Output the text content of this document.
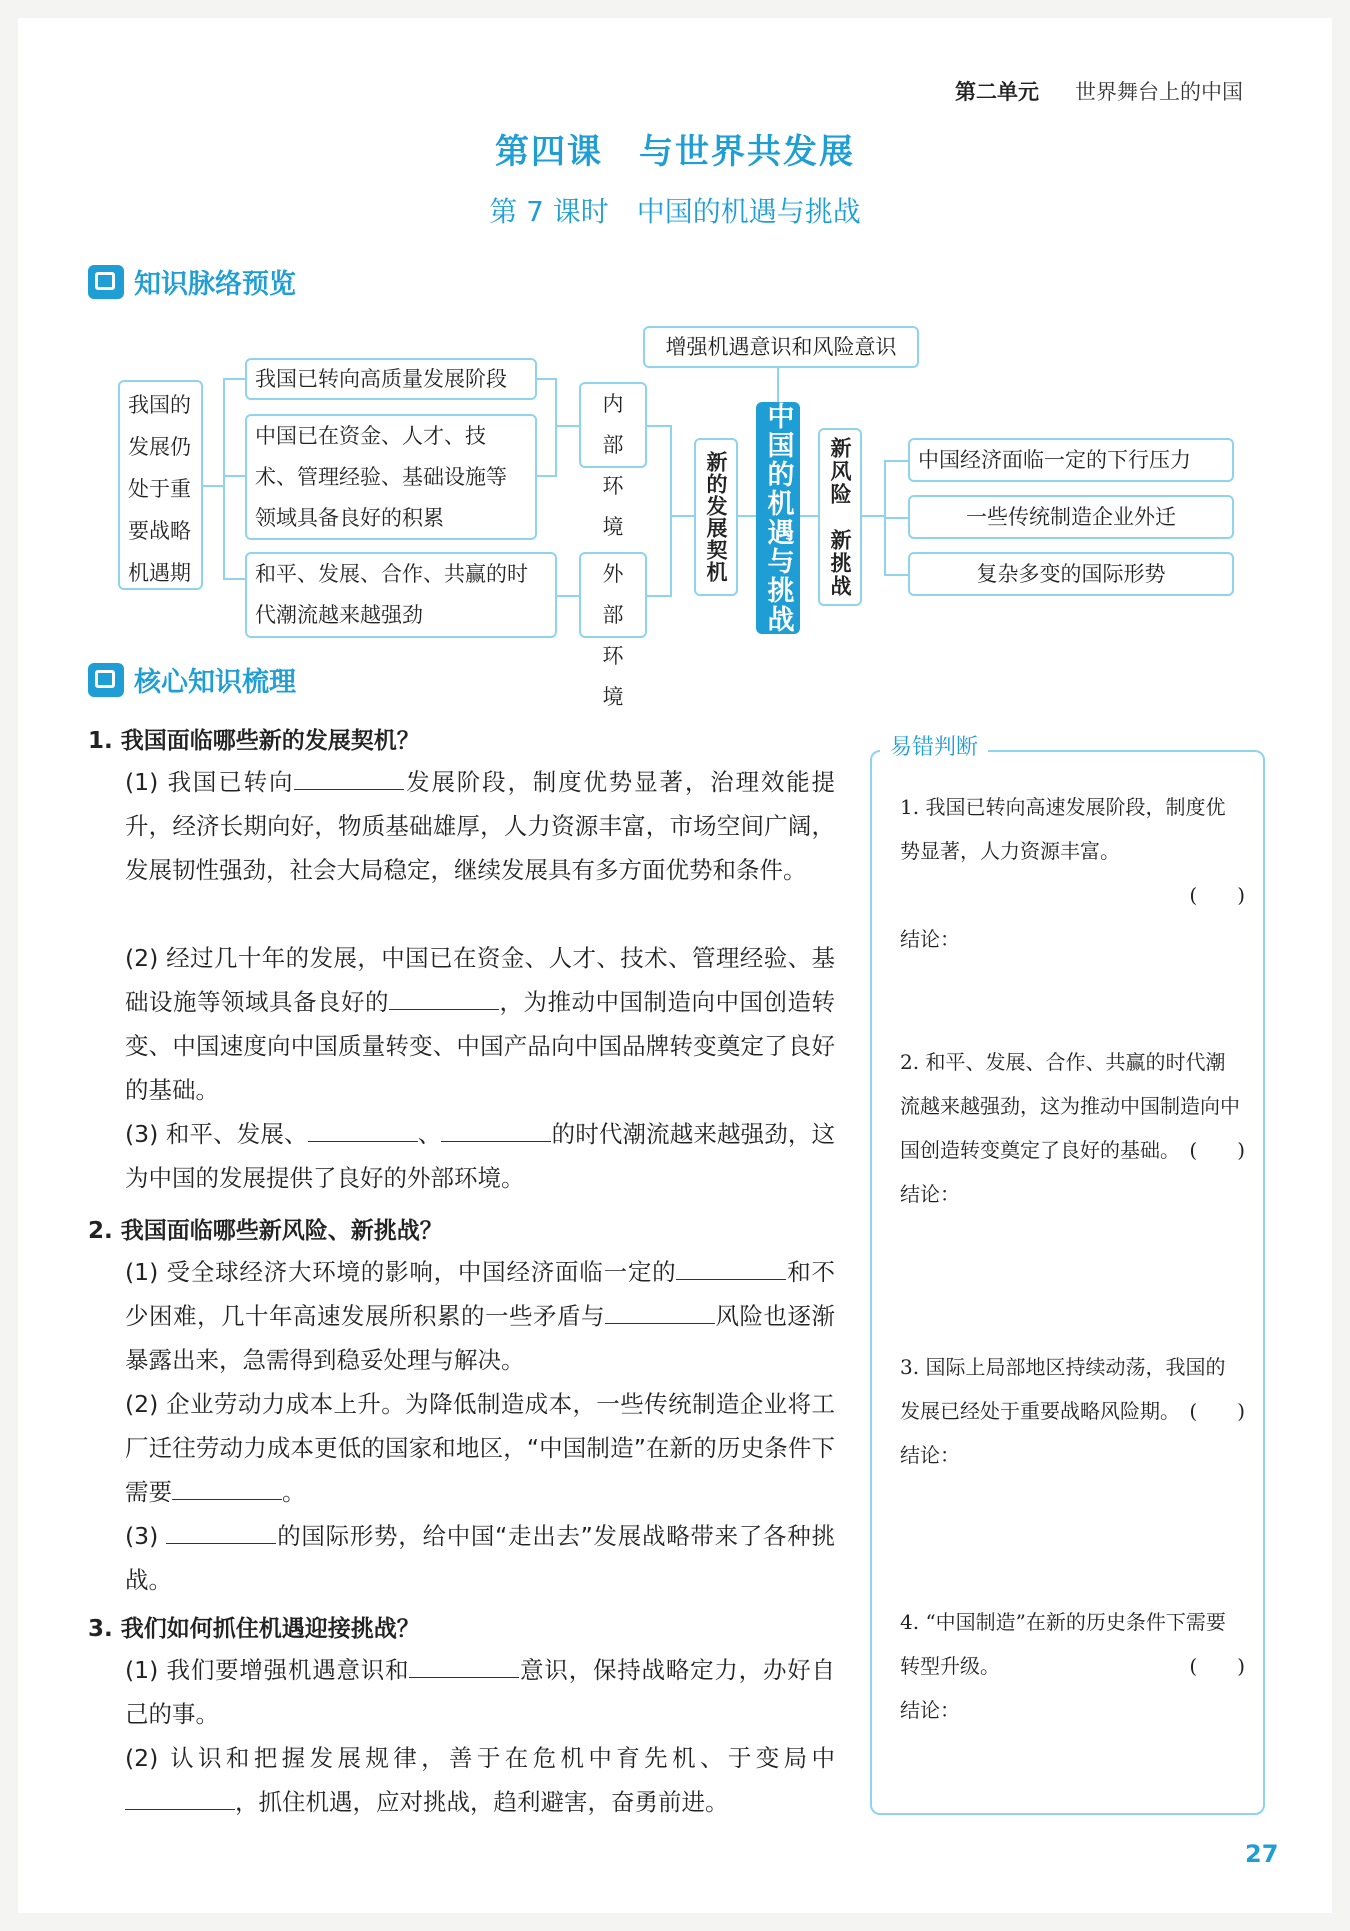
第二单元 世界舞台上的中国
第四课　与世界共发展
第 7 课时　中国的机遇与挑战
知识脉络预览
我国的发展仍处于重要战略机遇期
我国已转向高质量发展阶段
中国已在资金、人才、技术、管理经验、基础设施等领域具备良好的积累
和平、发展、合作、共赢的时代潮流越来越强劲
内部环境
外部环境
新的发展契机	中国的机遇与挑战
增强机遇意识和风险意识
新风险　新挑战	中国经济面临一定的下行压力
一些传统制造企业外迁
复杂多变的国际形势
核心知识梳理
1. 我国面临哪些新的发展契机？
(1) 我国已转向	发展阶段，制度优势显著，治理效能提升，经济长期向好，物质基础雄厚，人力资源丰富，市场空间广阔，发展韧性强劲，社会大局稳定，继续发展具有多方面优势和条件。
(2) 经过几十年的发展，中国已在资金、人才、技术、管理经验、基础设施等领域具备良好的	，为推动中国制造向中国创造转变、中国速度向中国质量转变、中国产品向中国品牌转变奠定了良好的基础。
(3) 和平、发展、	、	的时代潮流越来越强劲，这为中国的发展提供了良好的外部环境。
2. 我国面临哪些新风险、新挑战？
(1) 受全球经济大环境的影响，中国经济面临一定的	和不少困难，几十年高速发展所积累的一些矛盾与	风险也逐渐暴露出来，急需得到稳妥处理与解决。
(2) 企业劳动力成本上升。为降低制造成本，一些传统制造企业将工厂迁往劳动力成本更低的国家和地区，“中国制造”在新的历史条件下需要	。
(3)	的国际形势，给中国“走出去”发展战略带来了各种挑战。
3. 我们如何抓住机遇迎接挑战？
(1) 我们要增强机遇意识和	意识，保持战略定力，办好自己的事。
(2) 认识和把握发展规律，善于在危机中育先机、于变局中，抓住机遇，应对挑战，趋利避害，奋勇前进。
易错判断
1. 我国已转向高速发展阶段，制度优势显著，人力资源丰富。
(　　)
结论：
2. 和平、发展、合作、共赢的时代潮流越来越强劲，这为推动中国制造向中国创造转变奠定了良好的基础。 (　　)
结论：
3. 国际上局部地区持续动荡，我国的发展已经处于重要战略风险期。 (　　)
结论：
4. “中国制造”在新的历史条件下需要转型升级。	(　　)
结论：
27
